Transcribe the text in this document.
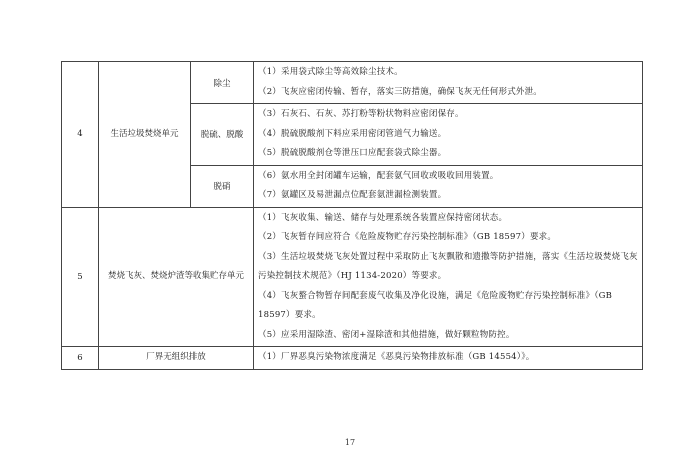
4	生活垃圾焚烧单元	除尘	（1）采用袋式除尘等高效除尘技术。
（2）飞灰应密闭传输、暂存，落实三防措施，确保飞灰无任何形式外泄。

		脱硫、脱酸	（3）石灰石、石灰、苏打粉等粉状物料应密闭保存。
（4）脱硫脱酸剂下料应采用密闭管道气力输送。
（5）脱硫脱酸剂仓等泄压口应配套袋式除尘器。

		脱硝	（6）氨水用全封闭罐车运输，配套氨气回收或吸收回用装置。
（7）氨罐区及易泄漏点位配套氨泄漏检测装置。

5	焚烧飞灰、焚烧炉渣等收集贮存单元		（1）飞灰收集、输送、储存与处理系统各装置应保持密闭状态。
（2）飞灰暂存间应符合《危险废物贮存污染控制标准》（GB 18597）要求。
（3）生活垃圾焚烧飞灰处置过程中采取防止飞灰飘散和遗撒等防护措施，落实《生活垃圾焚烧飞灰污染控制技术规范》（HJ 1134-2020）等要求。
（4）飞灰螯合物暂存间配套废气收集及净化设施，满足《危险废物贮存污染控制标准》（GB 18597）要求。
（5）应采用湿除渣、密闭+湿除渣和其他措施，做好颗粒物防控。

6	厂界无组织排放		（1）厂界恶臭污染物浓度满足《恶臭污染物排放标准（GB 14554）》。
17
